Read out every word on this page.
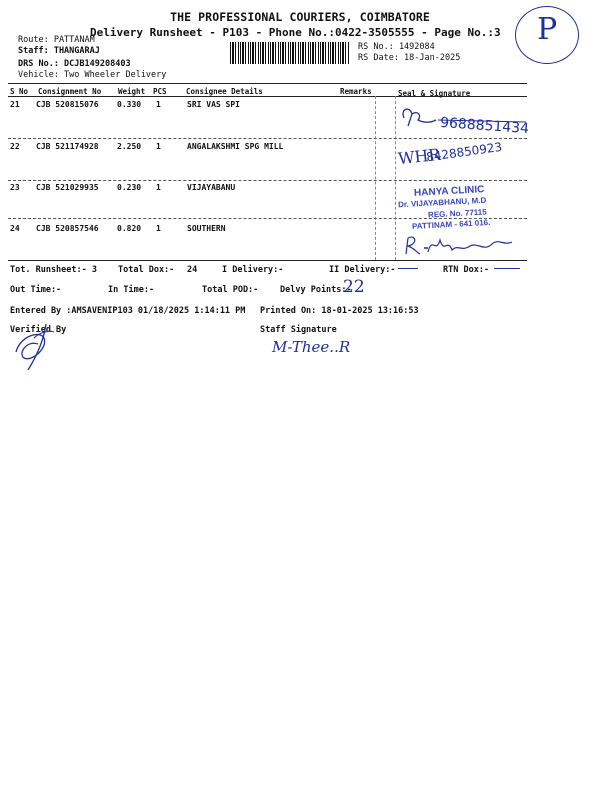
THE PROFESSIONAL COURIERS, COIMBATORE
Delivery Runsheet - P103 - Phone No.:0422-3505555 - Page No.:3
Route: PATTANAM
Staff: THANGARAJ
DRS No.: DCJB149208403
Vehicle: Two Wheeler Delivery
RS No.: 1492084
RS Date: 18-Jan-2025
P
S No Consignment No Weight PCS	Consignee Details	Remarks	Seal & Signature
21 CJB 520815076 0.330 1	SRI VAS SPI
22 CJB 521174928 2.250 1	ANGALAKSHMI SPG MILL
23 CJB 521029935 0.230 1	VIJAYABANU
24 CJB 520857546 0.820 1	SOUTHERN
9688851434
WHR
8428850923
HANYA CLINIC
Dr. VIJAYABHANU, M.D
REG. No. 77115
PATTINAM - 641 016.
Tot. Runsheet:- 3 Total Dox:- 24	I Delivery:-	II Delivery:-	RTN Dox:-
Out Time:-	In Time:-	Total POD:-	Delvy Points:-
22
Entered By :AMSAVENIP103 01/18/2025 1:14:11 PM Printed On: 18-01-2025 13:16:53
Verified By	Staff Signature
M-Thee..R
